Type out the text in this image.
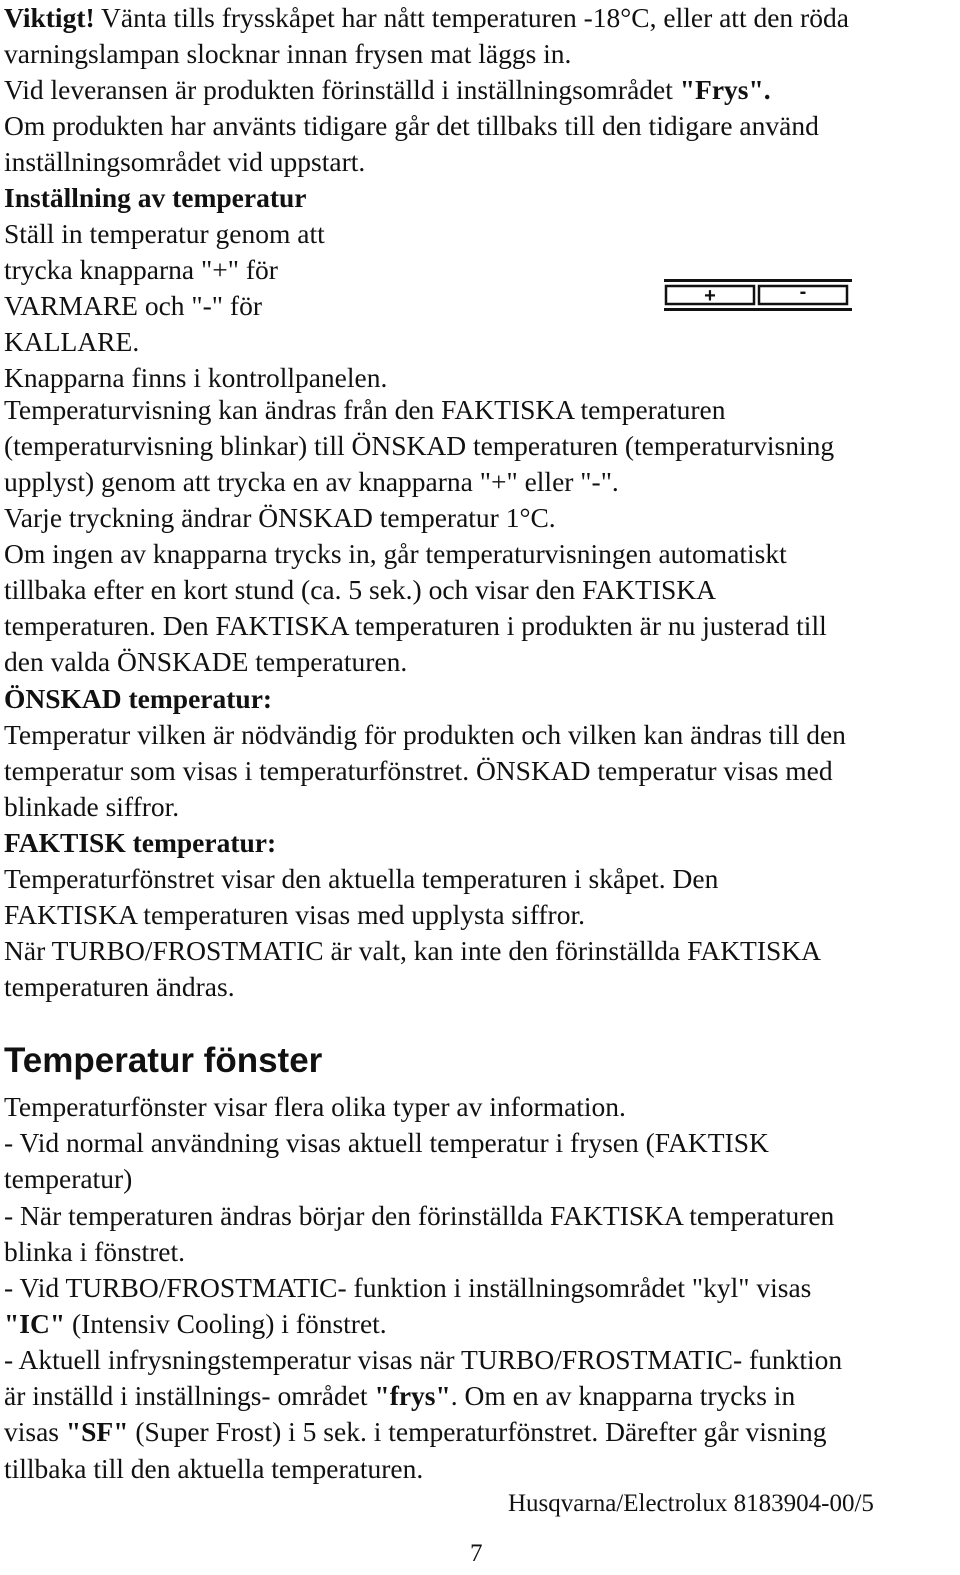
Viktigt! Vänta tills frysskåpet har nått temperaturen -18°C, eller att den röda
varningslampan slocknar innan frysen mat läggs in.
Vid leveransen är produkten förinställd i inställningsområdet "Frys".
Om produkten har använts tidigare går det tillbaks till den tidigare använd
inställningsområdet vid uppstart.
Inställning av temperatur
Ställ in temperatur genom att
trycka knapparna "+" för
VARMARE och "-" för
KALLARE.
Knapparna finns i kontrollpanelen.
Temperaturvisning kan ändras från den FAKTISKA temperaturen
(temperaturvisning blinkar) till ÖNSKAD temperaturen (temperaturvisning
upplyst) genom att trycka en av knapparna "+" eller "-".
Varje tryckning ändrar ÖNSKAD temperatur 1°C.
Om ingen av knapparna trycks in, går temperaturvisningen automatiskt
tillbaka efter en kort stund (ca. 5 sek.) och visar den FAKTISKA
temperaturen. Den FAKTISKA temperaturen i produkten är nu justerad till
den valda ÖNSKADE temperaturen.
ÖNSKAD temperatur:
Temperatur vilken är nödvändig för produkten och vilken kan ändras till den
temperatur som visas i temperaturfönstret. ÖNSKAD temperatur visas med
blinkade siffror.
FAKTISK temperatur:
Temperaturfönstret visar den aktuella temperaturen i skåpet. Den
FAKTISKA temperaturen visas med upplysta siffror.
När TURBO/FROSTMATIC är valt, kan inte den förinställda FAKTISKA
temperaturen ändras.
Temperatur fönster
Temperaturfönster visar flera olika typer av information.
- Vid normal användning visas aktuell temperatur i frysen (FAKTISK
temperatur)
- När temperaturen ändras börjar den förinställda FAKTISKA temperaturen
blinka i fönstret.
- Vid TURBO/FROSTMATIC- funktion i inställningsområdet "kyl" visas
"IC" (Intensiv Cooling) i fönstret.
- Aktuell infrysningstemperatur visas när TURBO/FROSTMATIC- funktion
är inställd i inställnings- området "frys". Om en av knapparna trycks in
visas "SF" (Super Frost) i 5 sek. i temperaturfönstret. Därefter går visning
tillbaka till den aktuella temperaturen.
+	-
Husqvarna/Electrolux 8183904-00/5
7
